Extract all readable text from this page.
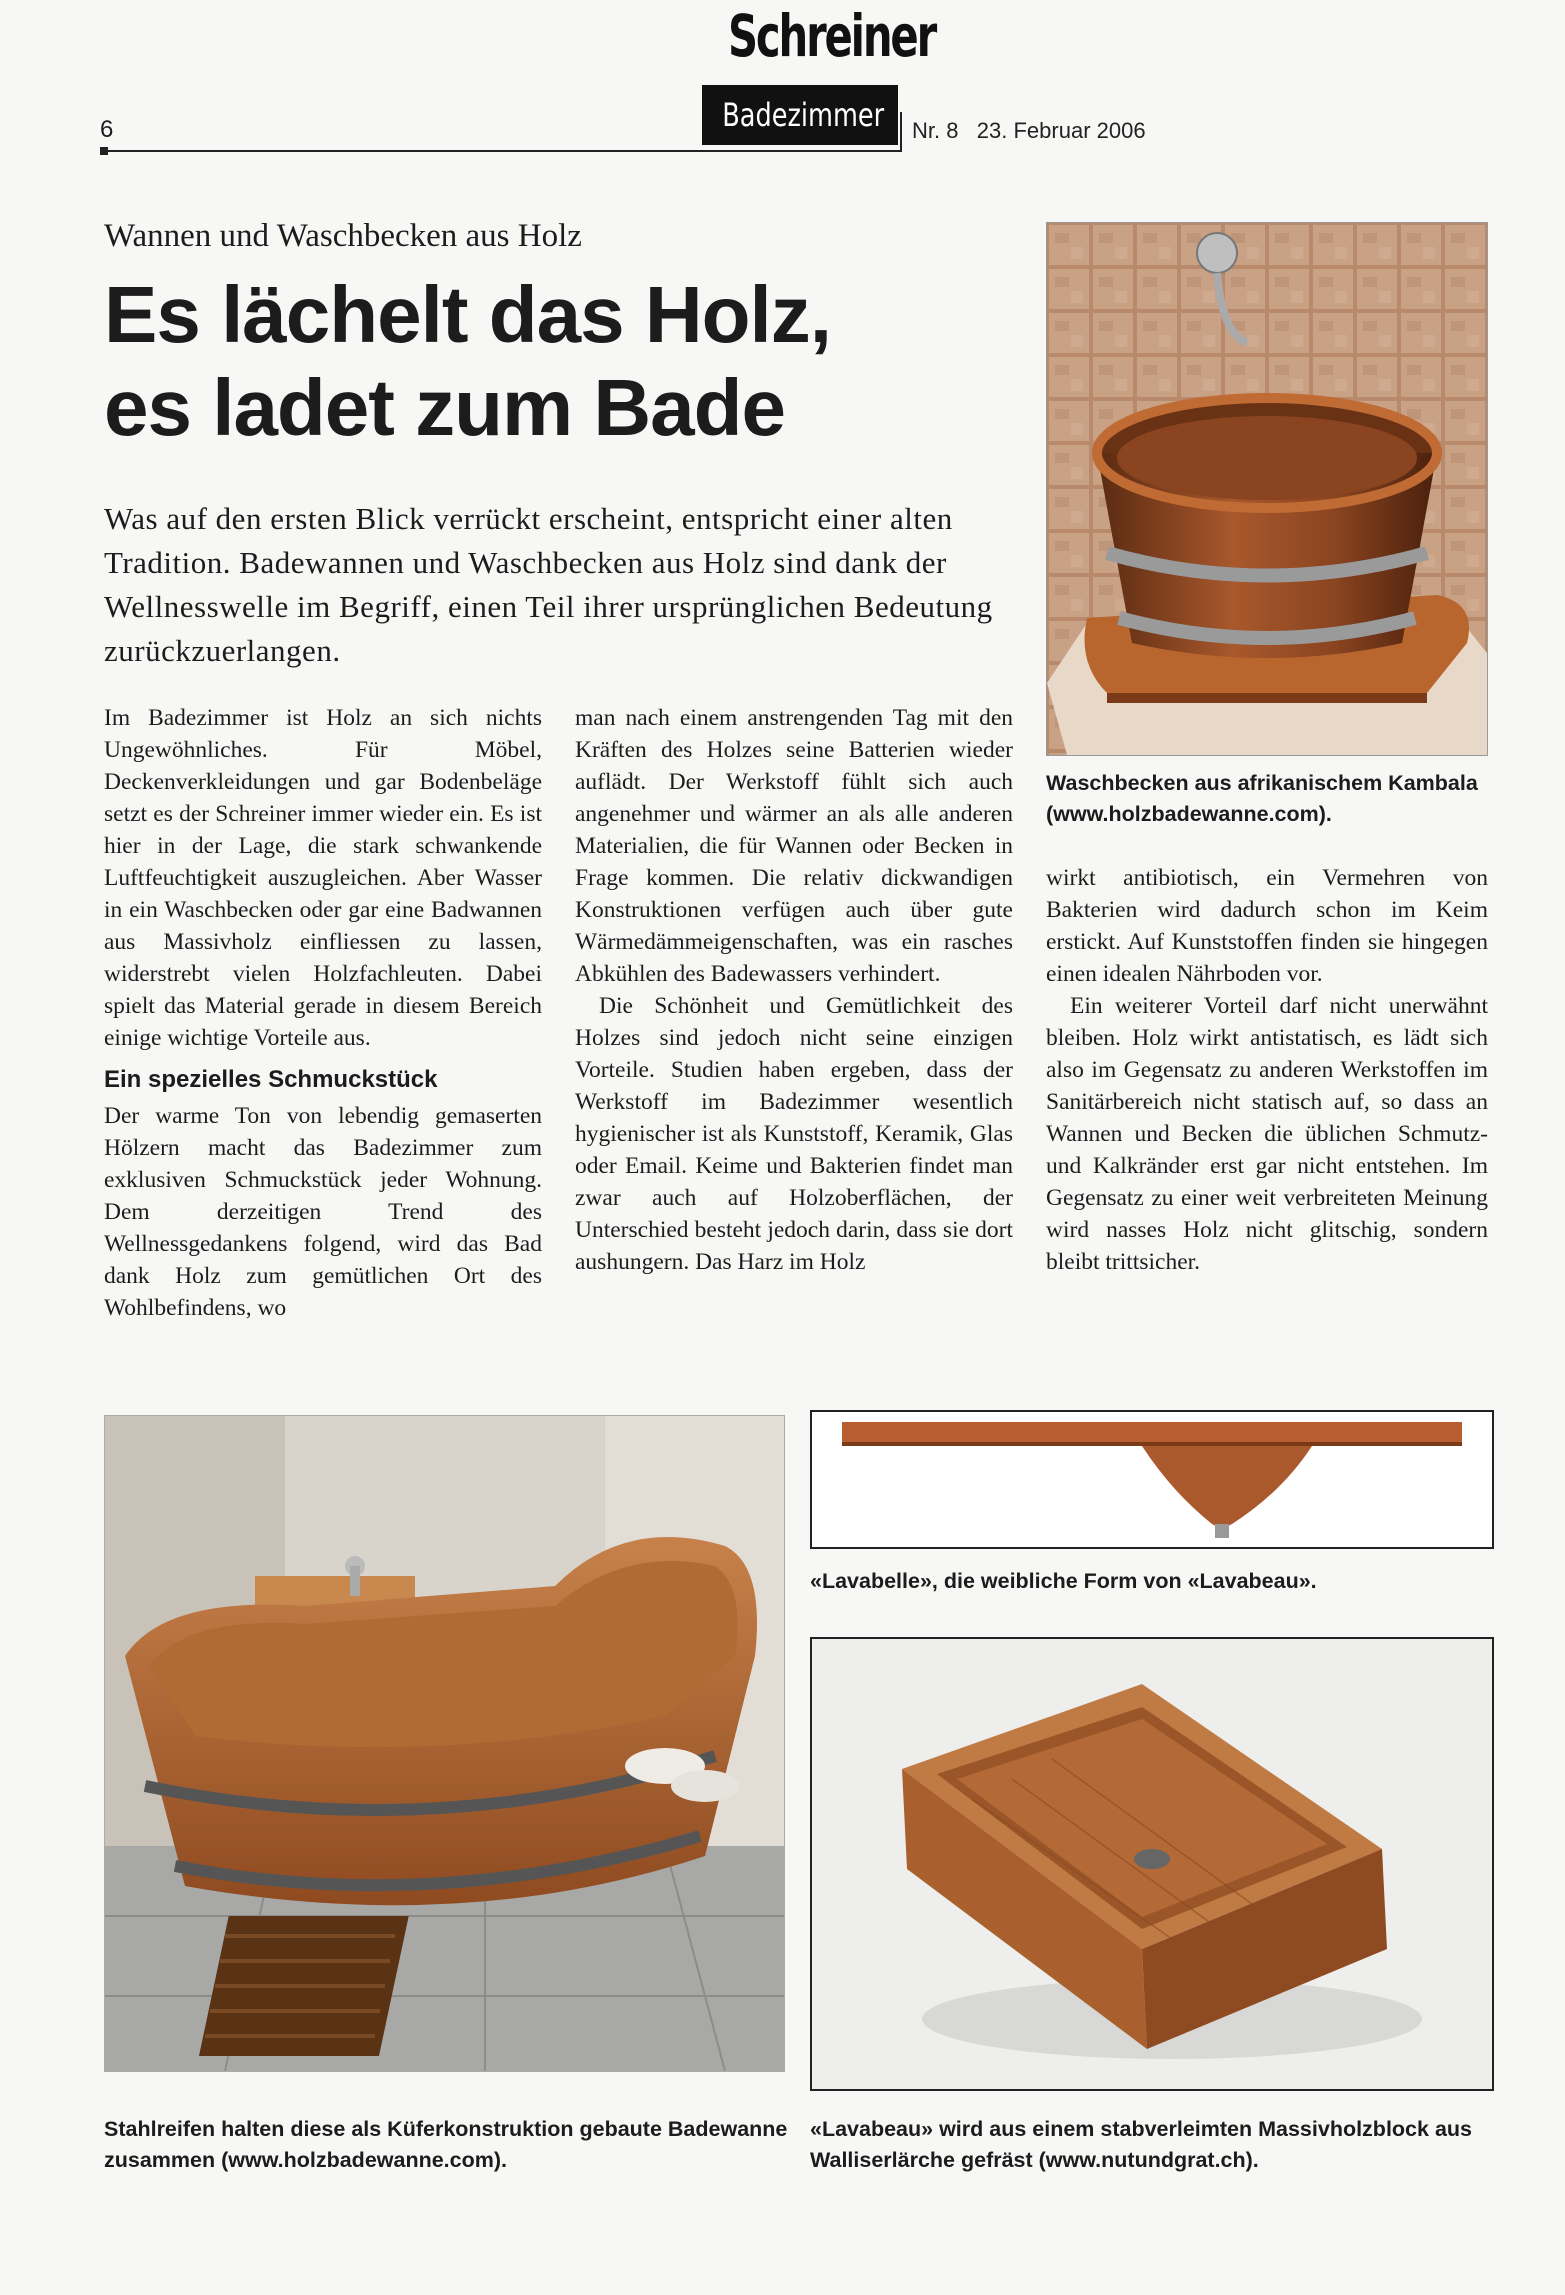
6
Schreiner
Badezimmer	Nr. 8   23. Februar 2006
Wannen und Waschbecken aus Holz
Es lächelt das Holz,
es ladet zum Bade

Was auf den ersten Blick verrückt erscheint, entspricht einer alten Tradition. Badewannen und Waschbecken aus Holz sind dank der Wellnesswelle im Begriff, einen Teil ihrer ursprünglichen Bedeutung zurückzuerlangen.

Waschbecken aus afrikanischem Kambala (www.holzbadewanne.com).

Im Badezimmer ist Holz an sich nichts Ungewöhnliches. Für Möbel, Deckenverkleidungen und gar Bodenbeläge setzt es der Schreiner immer wieder ein. Es ist hier in der Lage, die stark schwankende Luftfeuchtigkeit auszugleichen. Aber Wasser in ein Waschbecken oder gar eine Badwannen aus Massivholz einfliessen zu lassen, widerstrebt vielen Holzfachleuten. Dabei spielt das Material gerade in diesem Bereich einige wichtige Vorteile aus.

Ein spezielles Schmuckstück

Der warme Ton von lebendig gemaserten Hölzern macht das Badezimmer zum exklusiven Schmuckstück jeder Wohnung. Dem derzeitigen Trend des Wellnessgedankens folgend, wird das Bad dank Holz zum gemütlichen Ort des Wohlbefindens, wo

man nach einem anstrengenden Tag mit den Kräften des Holzes seine Batterien wieder auflädt. Der Werkstoff fühlt sich auch angenehmer und wärmer an als alle anderen Materialien, die für Wannen oder Becken in Frage kommen. Die relativ dickwandigen Konstruktionen verfügen auch über gute Wärmedämmeigenschaften, was ein rasches Abkühlen des Badewassers verhindert.

Die Schönheit und Gemütlichkeit des Holzes sind jedoch nicht seine einzigen Vorteile. Studien haben ergeben, dass der Werkstoff im Badezimmer wesentlich hygienischer ist als Kunststoff, Keramik, Glas oder Email. Keime und Bakterien findet man zwar auch auf Holzoberflächen, der Unterschied besteht jedoch darin, dass sie dort aushungern. Das Harz im Holz

wirkt antibiotisch, ein Vermehren von Bakterien wird dadurch schon im Keim erstickt. Auf Kunststoffen finden sie hingegen einen idealen Nährboden vor.

Ein weiterer Vorteil darf nicht unerwähnt bleiben. Holz wirkt antistatisch, es lädt sich also im Gegensatz zu anderen Werkstoffen im Sanitärbereich nicht statisch auf, so dass an Wannen und Becken die üblichen Schmutz- und Kalkränder erst gar nicht entstehen. Im Gegensatz zu einer weit verbreiteten Meinung wird nasses Holz nicht glitschig, sondern bleibt trittsicher.

«Lavabelle», die weibliche Form von «Lavabeau».
Stahlreifen halten diese als Küferkonstruktion gebaute Badewanne zusammen (www.holzbadewanne.com).
«Lavabeau» wird aus einem stabverleimten Massivholzblock aus Walliserlärche gefräst (www.nutundgrat.ch).
